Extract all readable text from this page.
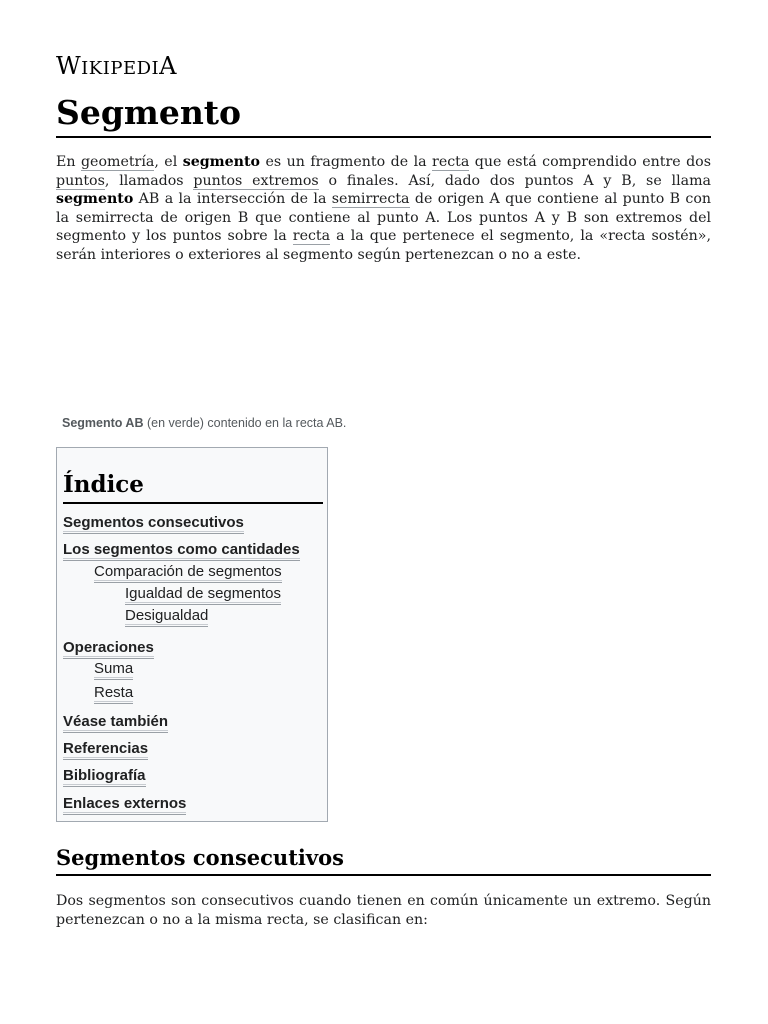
WIKIPEDIA
Segmento

En geometría, el segmento es un fragmento de la recta que está comprendido entre dos puntos, llamados puntos extremos o finales. Así, dado dos puntos A y B, se llama segmento AB a la intersección de la semirrecta de origen A que contiene al punto B con la semirrecta de origen B que contiene al punto A. Los puntos A y B son extremos del segmento y los puntos sobre la recta a la que pertenece el segmento, la «recta sostén», serán interiores o exteriores al segmento según pertenezcan o no a este.

Segmento AB (en verde) contenido en la recta AB.
Índice
Segmentos consecutivos
Los segmentos como cantidades
Comparación de segmentos
Igualdad de segmentos
Desigualdad
Operaciones
Suma
Resta
Véase también
Referencias
Bibliografía
Enlaces externos
Segmentos consecutivos

Dos segmentos son consecutivos cuando tienen en común únicamente un extremo. Según pertenezcan o no a la misma recta, se clasifican en:
